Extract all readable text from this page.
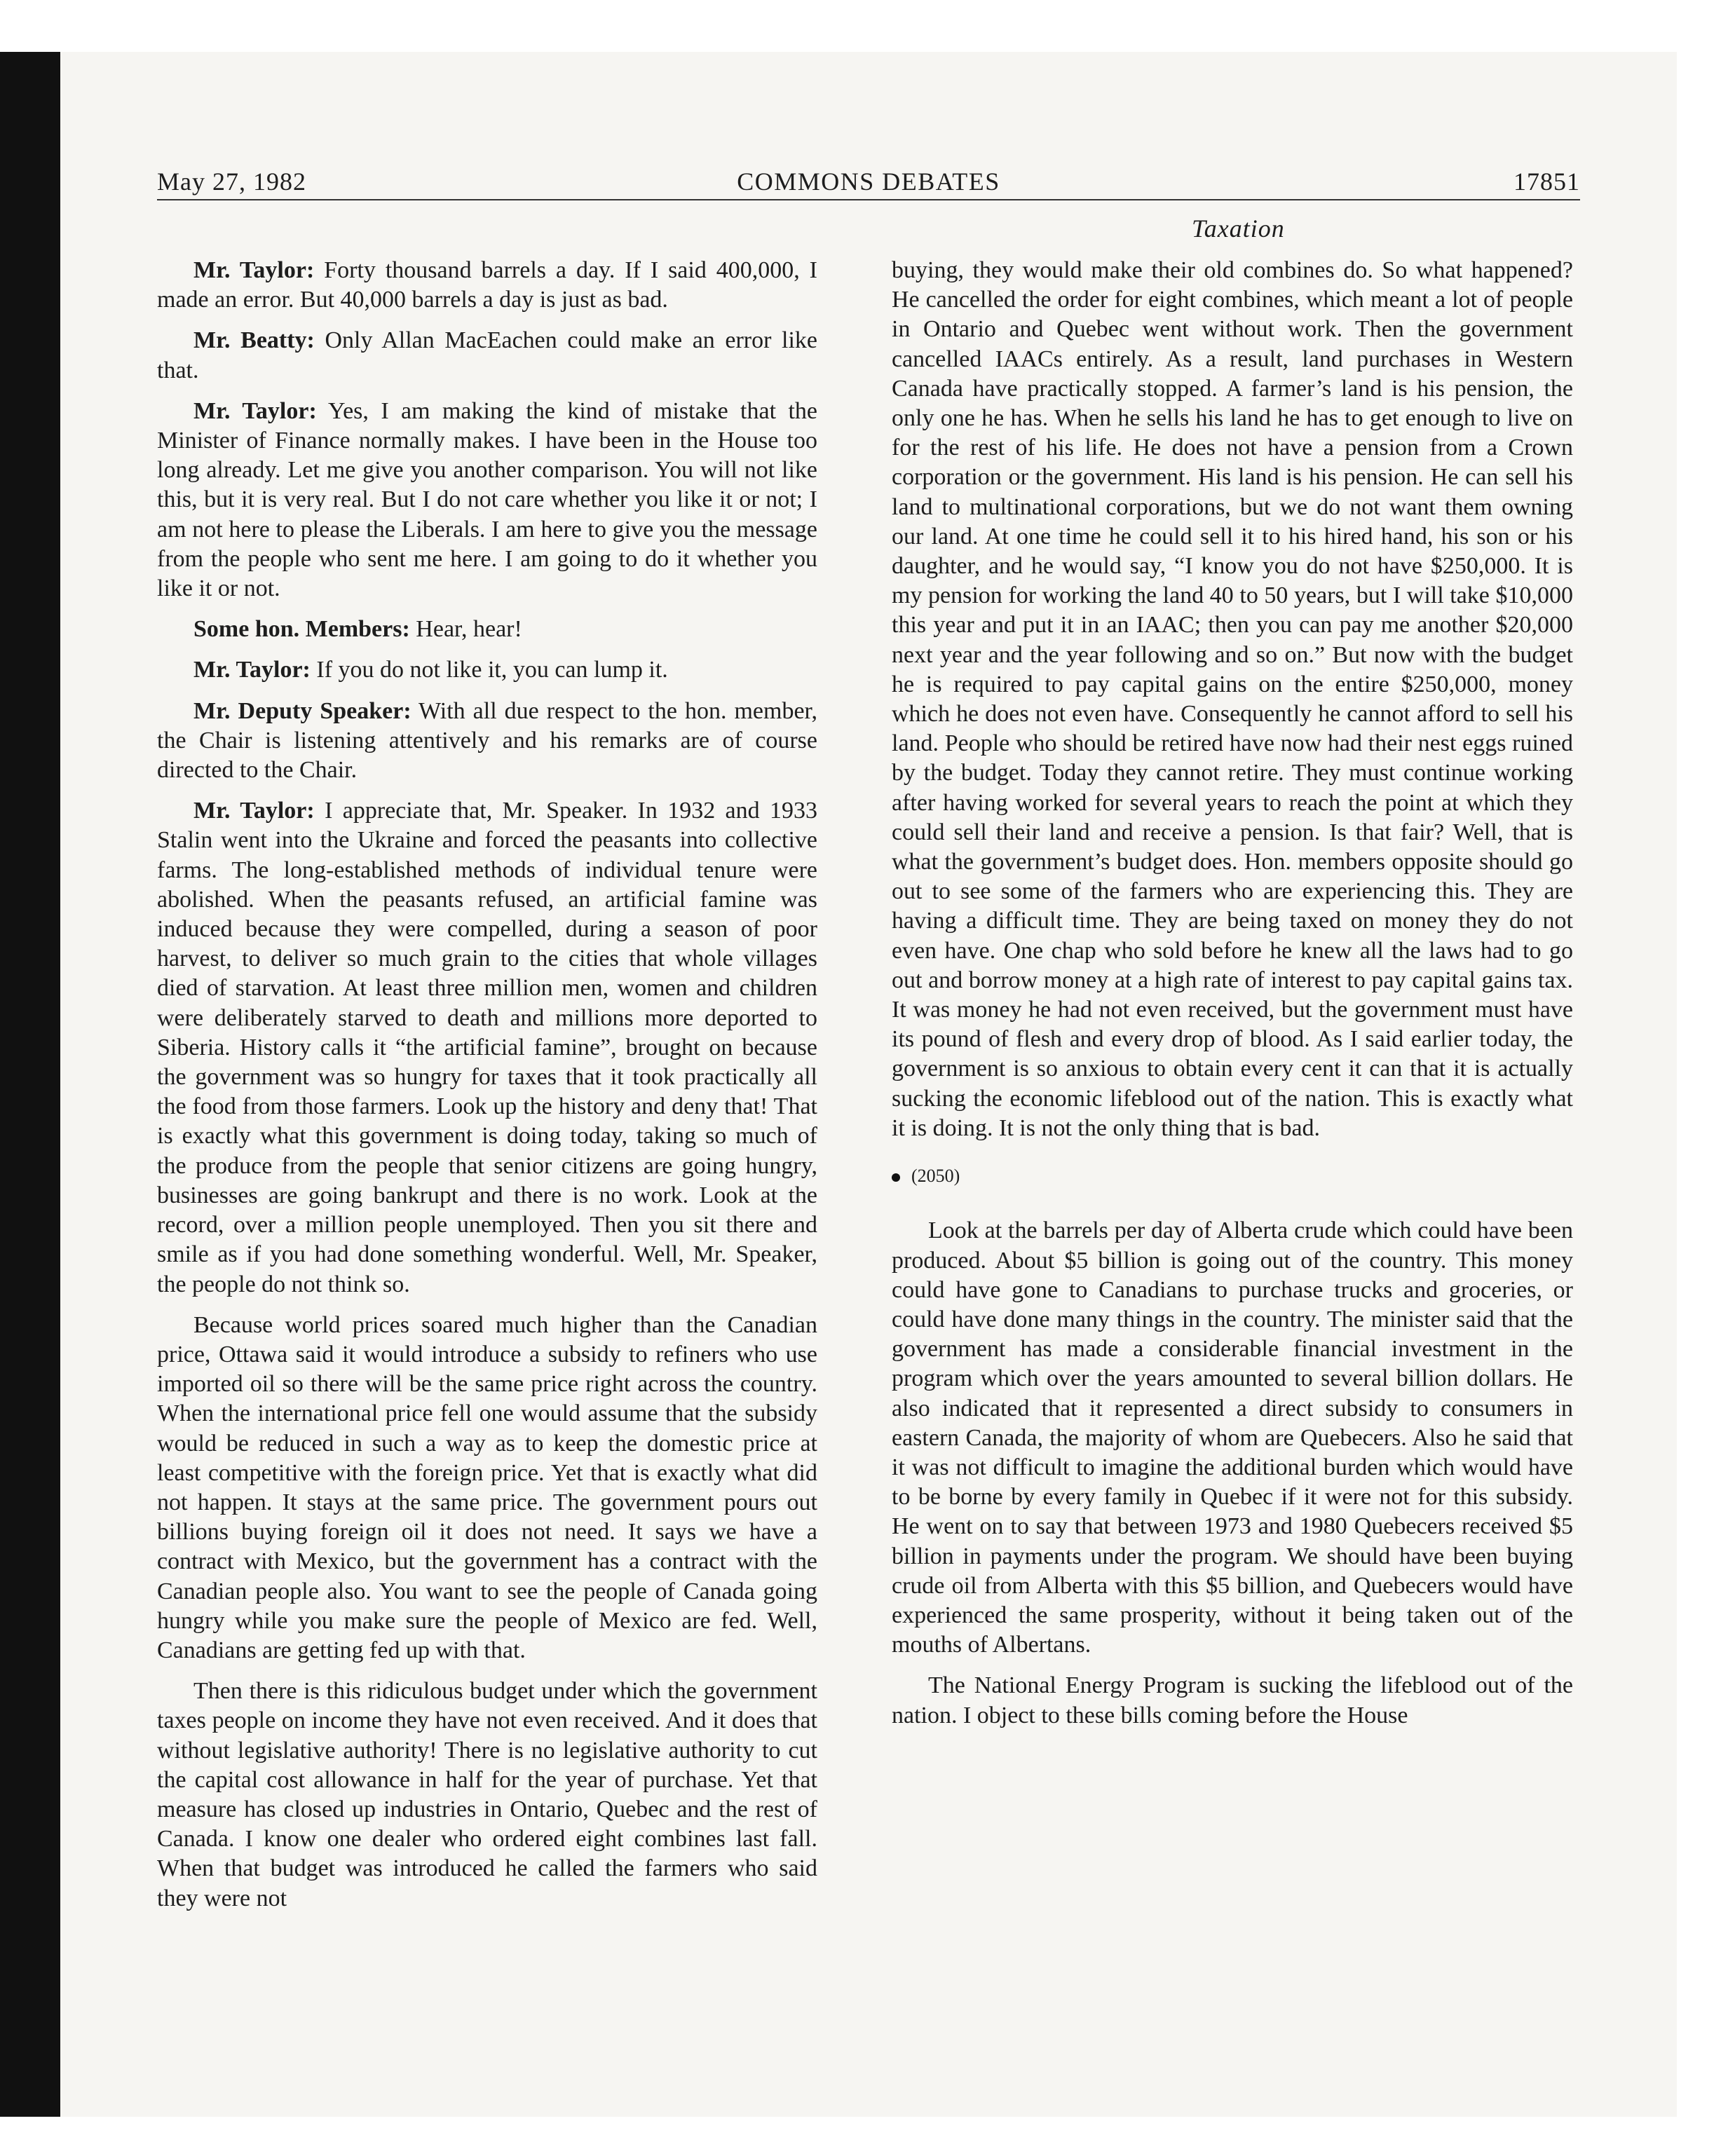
May 27, 1982	COMMONS DEBATES	17851
Taxation

Mr. Taylor: Forty thousand barrels a day. If I said 400,000, I made an error. But 40,000 barrels a day is just as bad.

Mr. Beatty: Only Allan MacEachen could make an error like that.

Mr. Taylor: Yes, I am making the kind of mistake that the Minister of Finance normally makes. I have been in the House too long already. Let me give you another comparison. You will not like this, but it is very real. But I do not care whether you like it or not; I am not here to please the Liberals. I am here to give you the message from the people who sent me here. I am going to do it whether you like it or not.

Some hon. Members: Hear, hear!

Mr. Taylor: If you do not like it, you can lump it.

Mr. Deputy Speaker: With all due respect to the hon. member, the Chair is listening attentively and his remarks are of course directed to the Chair.

Mr. Taylor: I appreciate that, Mr. Speaker. In 1932 and 1933 Stalin went into the Ukraine and forced the peasants into collective farms. The long-established methods of individual tenure were abolished. When the peasants refused, an artificial famine was induced because they were compelled, during a season of poor harvest, to deliver so much grain to the cities that whole villages died of starvation. At least three million men, women and children were deliberately starved to death and millions more deported to Siberia. History calls it “the artificial famine”, brought on because the government was so hungry for taxes that it took practically all the food from those farmers. Look up the history and deny that! That is exactly what this government is doing today, taking so much of the produce from the people that senior citizens are going hungry, businesses are going bankrupt and there is no work. Look at the record, over a million people unemployed. Then you sit there and smile as if you had done something wonderful. Well, Mr. Speaker, the people do not think so.

Because world prices soared much higher than the Canadian price, Ottawa said it would introduce a subsidy to refiners who use imported oil so there will be the same price right across the country. When the international price fell one would assume that the subsidy would be reduced in such a way as to keep the domestic price at least competitive with the foreign price. Yet that is exactly what did not happen. It stays at the same price. The government pours out billions buying foreign oil it does not need. It says we have a contract with Mexico, but the government has a contract with the Canadian people also. You want to see the people of Canada going hungry while you make sure the people of Mexico are fed. Well, Canadians are getting fed up with that.

Then there is this ridiculous budget under which the government taxes people on income they have not even received. And it does that without legislative authority! There is no legislative authority to cut the capital cost allowance in half for the year of purchase. Yet that measure has closed up industries in Ontario, Quebec and the rest of Canada. I know one dealer who ordered eight combines last fall. When that budget was introduced he called the farmers who said they were not

buying, they would make their old combines do. So what happened? He cancelled the order for eight combines, which meant a lot of people in Ontario and Quebec went without work. Then the government cancelled IAACs entirely. As a result, land purchases in Western Canada have practically stopped. A farmer’s land is his pension, the only one he has. When he sells his land he has to get enough to live on for the rest of his life. He does not have a pension from a Crown corporation or the government. His land is his pension. He can sell his land to multinational corporations, but we do not want them owning our land. At one time he could sell it to his hired hand, his son or his daughter, and he would say, “I know you do not have $250,000. It is my pension for working the land 40 to 50 years, but I will take $10,000 this year and put it in an IAAC; then you can pay me another $20,000 next year and the year following and so on.” But now with the budget he is required to pay capital gains on the entire $250,000, money which he does not even have. Consequently he cannot afford to sell his land. People who should be retired have now had their nest eggs ruined by the budget. Today they cannot retire. They must continue working after having worked for several years to reach the point at which they could sell their land and receive a pension. Is that fair? Well, that is what the government’s budget does. Hon. members opposite should go out to see some of the farmers who are experiencing this. They are having a difficult time. They are being taxed on money they do not even have. One chap who sold before he knew all the laws had to go out and borrow money at a high rate of interest to pay capital gains tax. It was money he had not even received, but the government must have its pound of flesh and every drop of blood. As I said earlier today, the government is so anxious to obtain every cent it can that it is actually sucking the economic lifeblood out of the nation. This is exactly what it is doing. It is not the only thing that is bad.

(2050)

Look at the barrels per day of Alberta crude which could have been produced. About $5 billion is going out of the country. This money could have gone to Canadians to purchase trucks and groceries, or could have done many things in the country. The minister said that the government has made a considerable financial investment in the program which over the years amounted to several billion dollars. He also indicated that it represented a direct subsidy to consumers in eastern Canada, the majority of whom are Quebecers. Also he said that it was not difficult to imagine the additional burden which would have to be borne by every family in Quebec if it were not for this subsidy. He went on to say that between 1973 and 1980 Quebecers received $5 billion in payments under the program. We should have been buying crude oil from Alberta with this $5 billion, and Quebecers would have experienced the same prosperity, without it being taken out of the mouths of Albertans.

The National Energy Program is sucking the lifeblood out of the nation. I object to these bills coming before the House
